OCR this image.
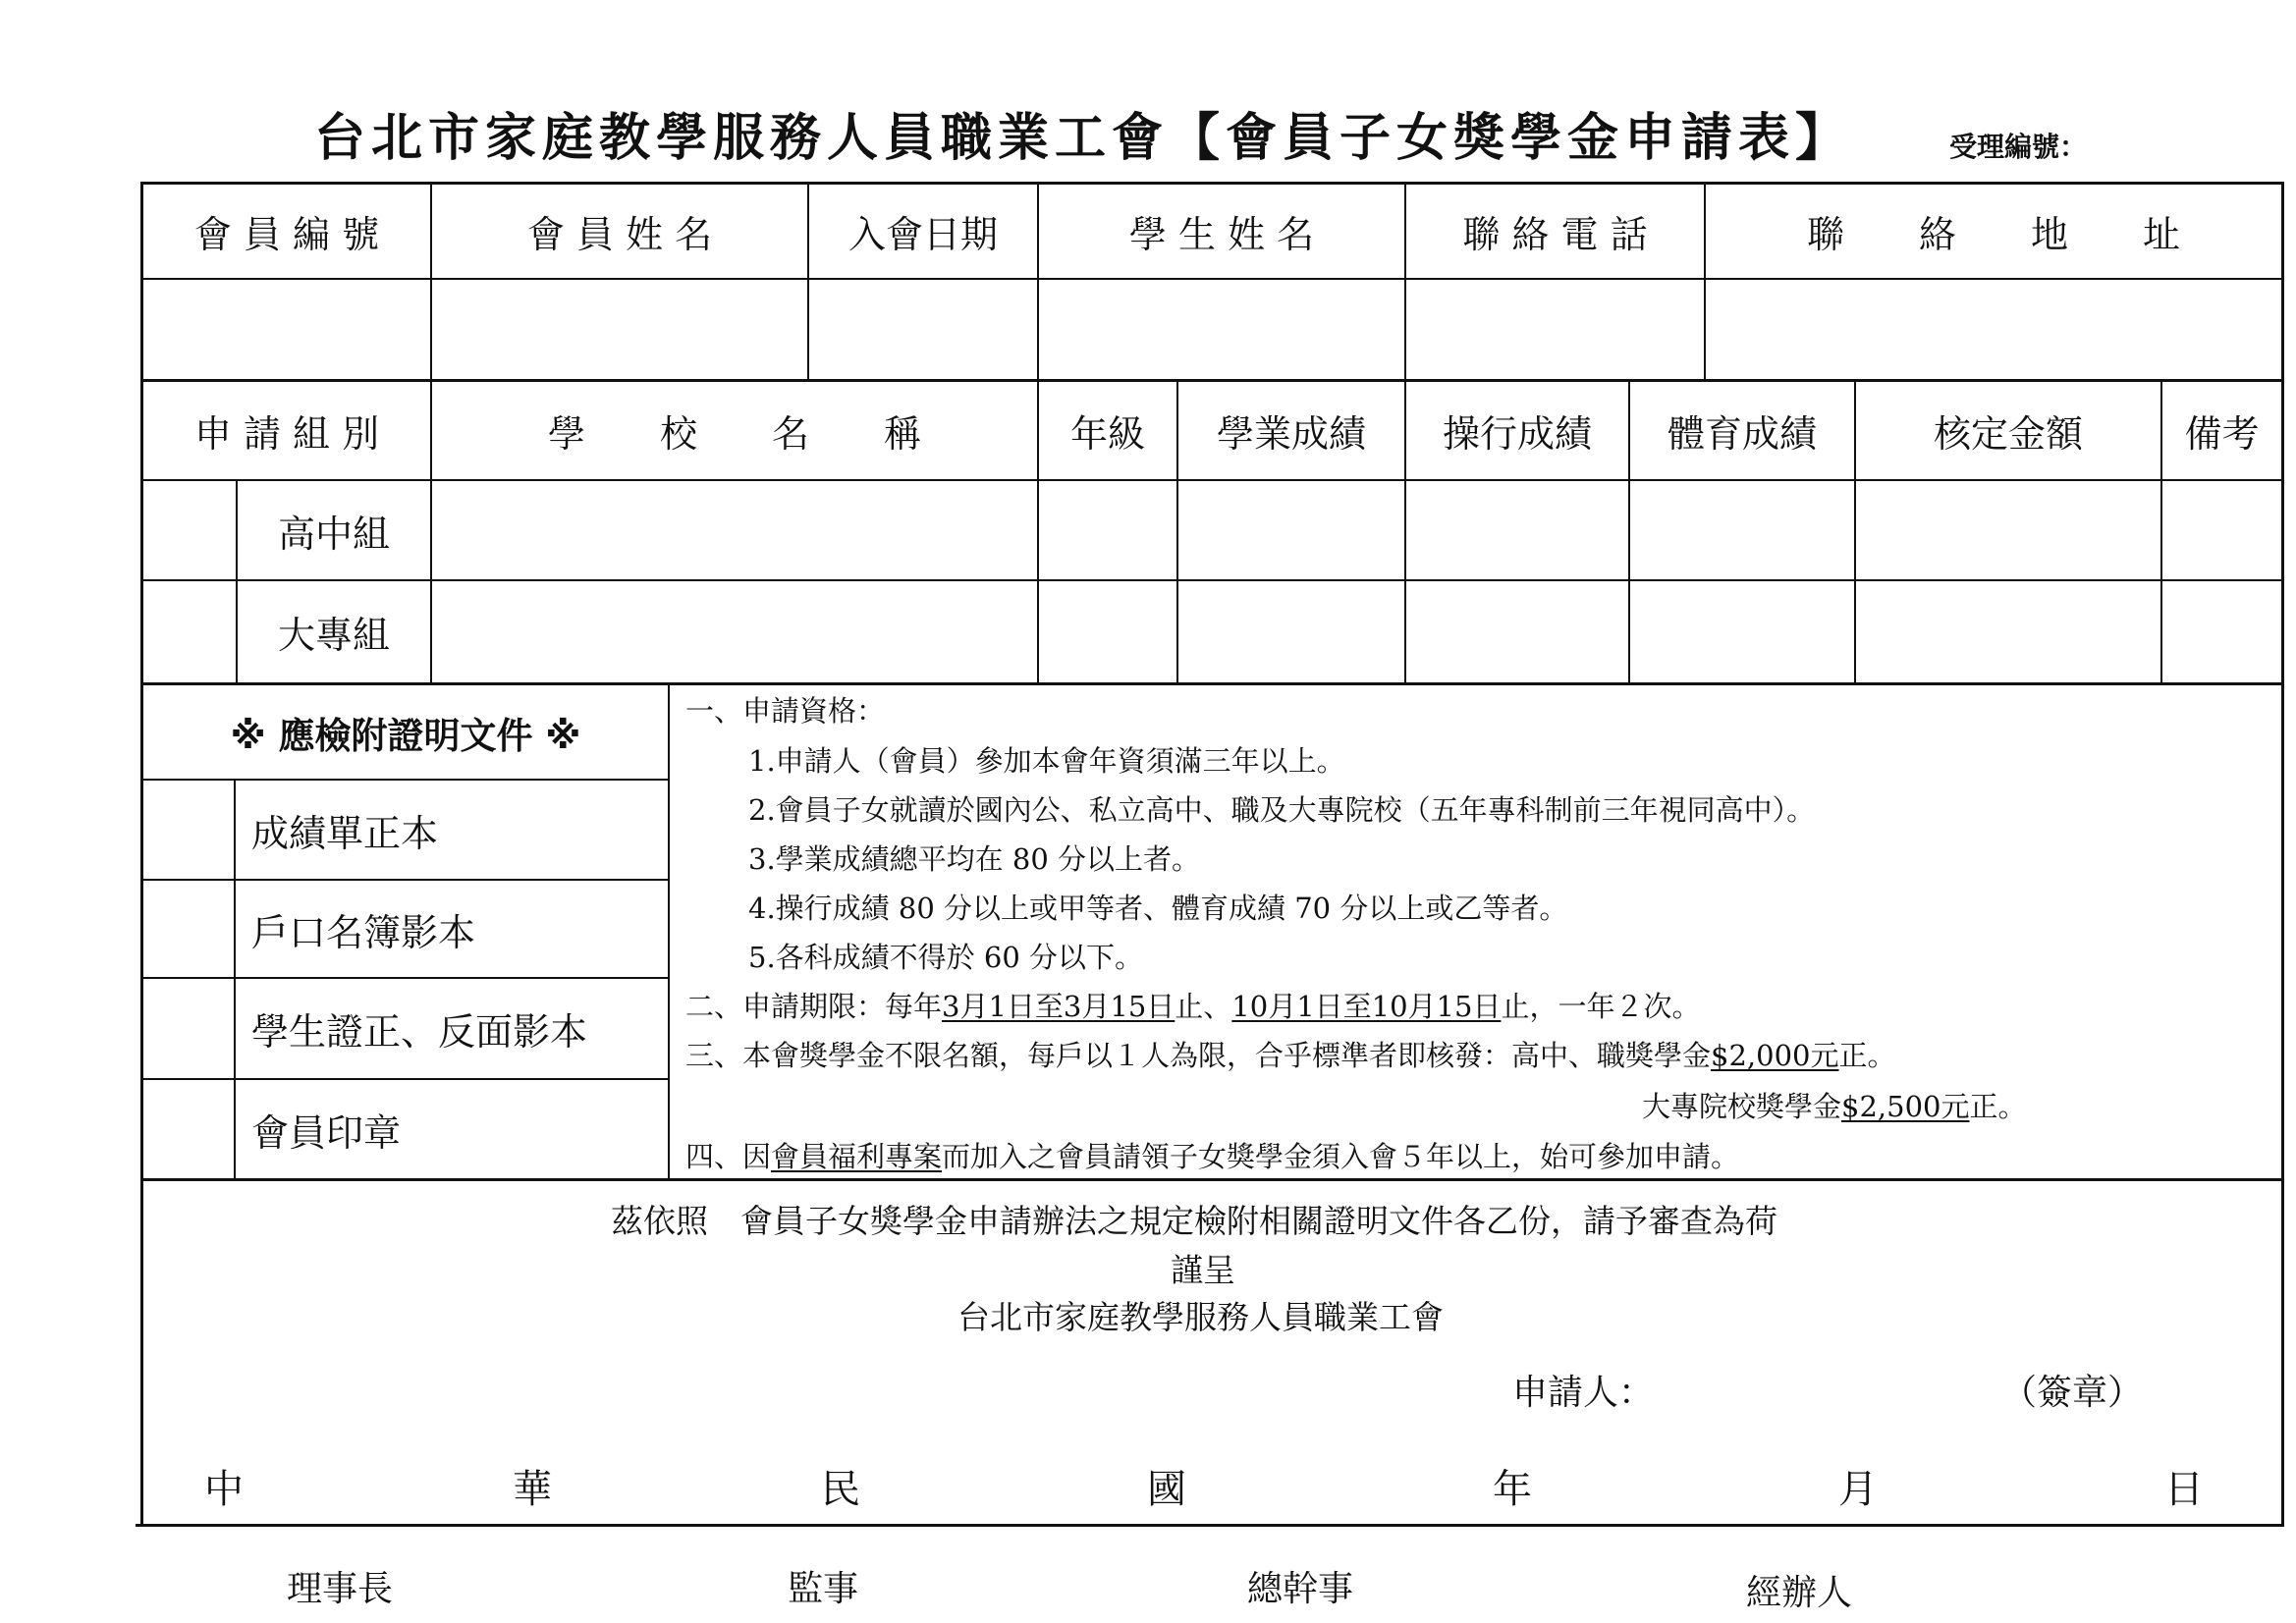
台北市家庭教學服務人員職業工會【會員子女獎學金申請表】	受理編號：
會 員 編 號	會 員 姓 名	入會日期	學 生 姓 名	聯 絡 電 話	聯　　絡　　地　　址
申 請 組 別	學　　校　　名　　稱	年級	學業成績	操行成績	體育成績	核定金額	備考
高中組
大專組
※ 應檢附證明文件 ※
成績單正本
戶口名簿影本
學生證正、反面影本
會員印章
一、申請資格：
1.申請人（會員）參加本會年資須滿三年以上。
2.會員子女就讀於國內公、私立高中、職及大專院校（五年專科制前三年視同高中）。
3.學業成績總平均在 80 分以上者。
4.操行成績 80 分以上或甲等者、體育成績 70 分以上或乙等者。
5.各科成績不得於 60 分以下。
二、申請期限：每年3月1日至3月15日止、10月1日至10月15日止，一年２次。
三、本會獎學金不限名額，每戶以１人為限，合乎標準者即核發：高中、職獎學金$2,000元正。
大專院校獎學金$2,500元正。
四、因會員福利專案而加入之會員請領子女獎學金須入會５年以上，始可參加申請。
茲依照　會員子女獎學金申請辦法之規定檢附相關證明文件各乙份，請予審查為荷
謹呈
台北市家庭教學服務人員職業工會
申請人：	（簽章）
中	華	民	國	年	月	日
理事長	監事	總幹事	經辦人
